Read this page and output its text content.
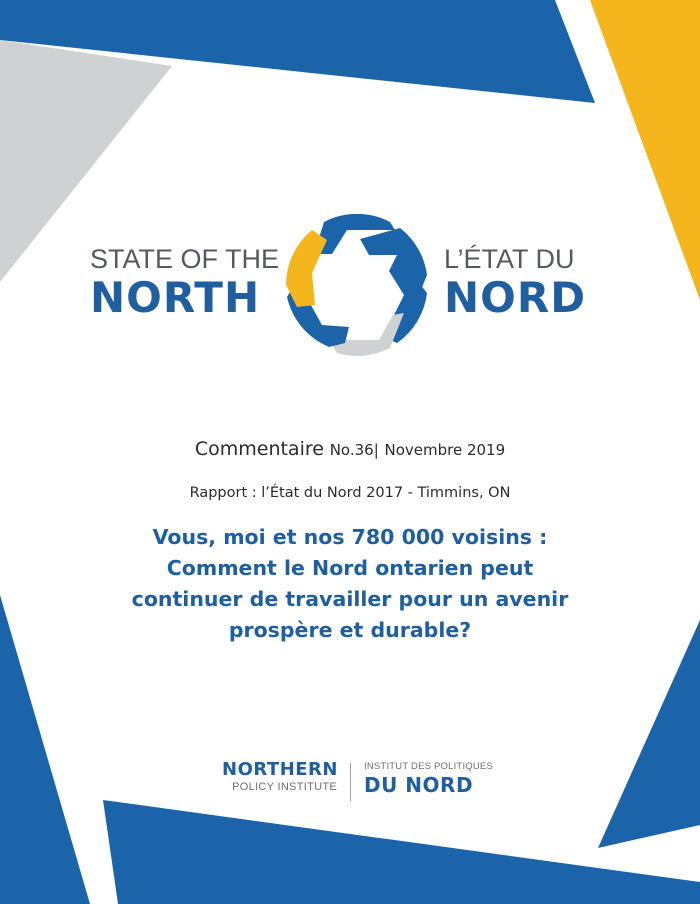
STATE OF THE
NORTH
L’ÉTAT DU
NORD
Commentaire No.36| Novembre 2019
Rapport : l’État du Nord 2017 - Timmins, ON
Vous, moi et nos 780 000 voisins :
Comment le Nord ontarien peut
continuer de travailler pour un avenir
prospère et durable?
NORTHERN
POLICY INSTITUTE
INSTITUT DES POLITIQUES
DU NORD
